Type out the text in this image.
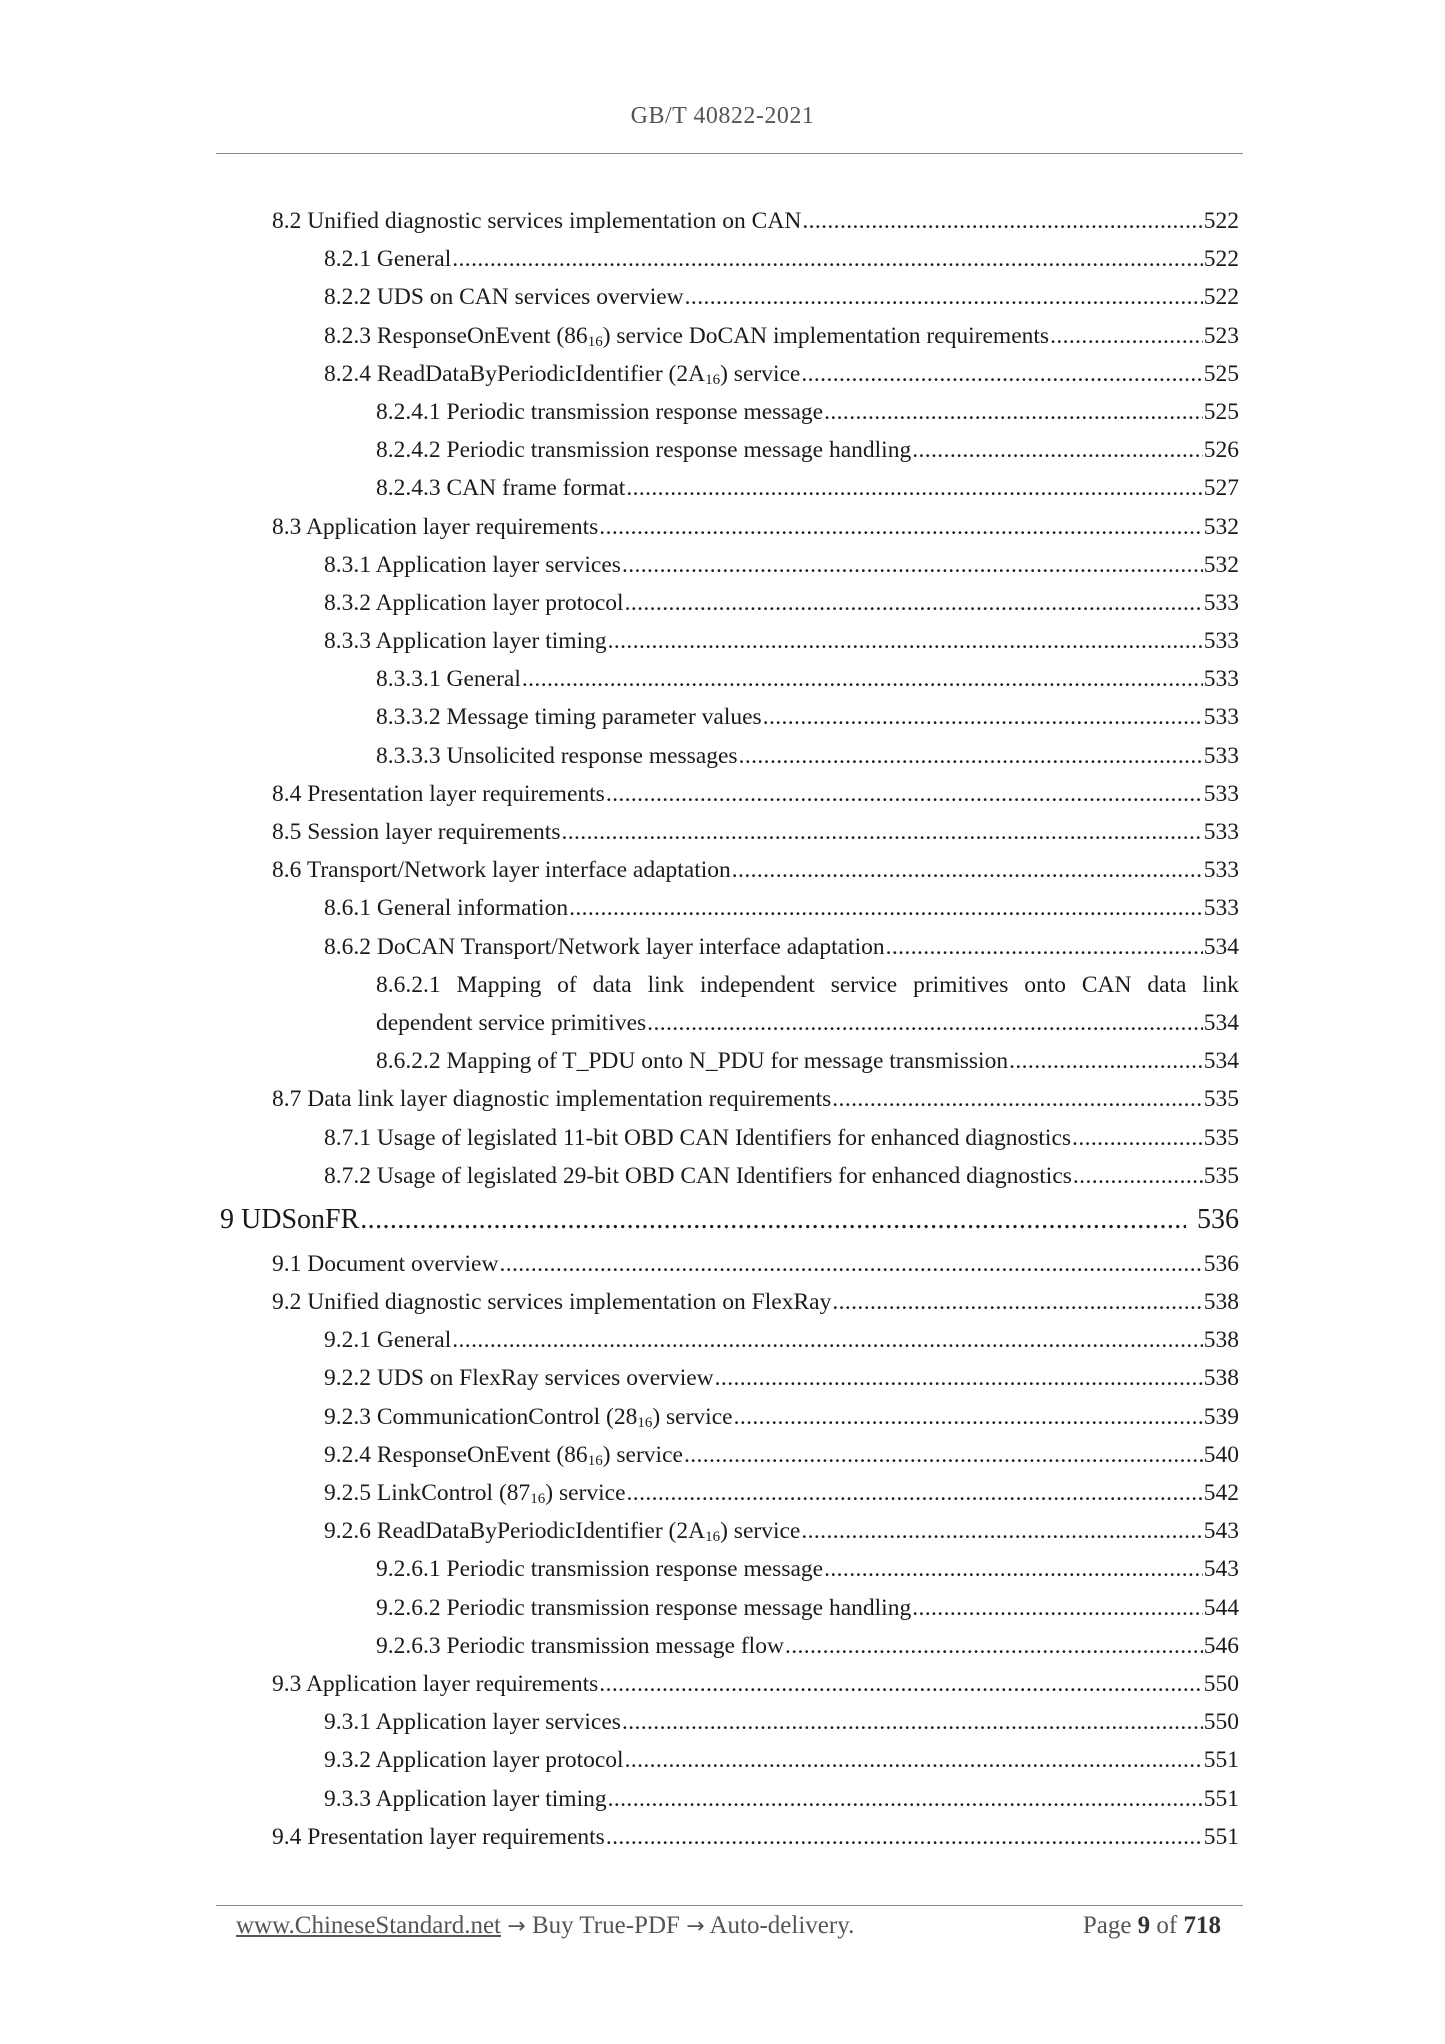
GB/T 40822-2021
8.2 Unified diagnostic services implementation on CAN .....	522
8.2.1 General .....	522
8.2.2 UDS on CAN services overview .....	522
8.2.3 ResponseOnEvent $(86_{16})$ service DoCAN implementation requirements .....	523
8.2.4 ReadDataByPeriodicIdentifier $(2A_{16})$ service .....	525
8.2.4.1 Periodic transmission response message .....	525
8.2.4.2 Periodic transmission response message handling .....	526
8.2.4.3 CAN frame format .....	527
8.3 Application layer requirements .....	532
8.3.1 Application layer services .....	532
8.3.2 Application layer protocol .....	533
8.3.3 Application layer timing .....	533
8.3.3.1 General .....	533
8.3.3.2 Message timing parameter values .....	533
8.3.3.3 Unsolicited response messages .....	533
8.4 Presentation layer requirements .....	533
8.5 Session layer requirements .....	533
8.6 Transport/Network layer interface adaptation .....	533
8.6.1 General information .....	533
8.6.2 DoCAN Transport/Network layer interface adaptation .....	534
8.6.2.1 Mapping of data link independent service primitives onto CAN data link
dependent service primitives .....	534
8.6.2.2 Mapping of T_PDU onto N_PDU for message transmission .....	534
8.7 Data link layer diagnostic implementation requirements .....	535
8.7.1 Usage of legislated 11-bit OBD CAN Identifiers for enhanced diagnostics .....	535
8.7.2 Usage of legislated 29-bit OBD CAN Identifiers for enhanced diagnostics .....	535
9 UDSonFR .....	536
9.1 Document overview .....	536
9.2 Unified diagnostic services implementation on FlexRay .....	538
9.2.1 General .....	538
9.2.2 UDS on FlexRay services overview .....	538
9.2.3 CommunicationControl $(28_{16})$ service .....	539
9.2.4 ResponseOnEvent $(86_{16})$ service .....	540
9.2.5 LinkControl $(87_{16})$ service .....	542
9.2.6 ReadDataByPeriodicIdentifier $(2A_{16})$ service .....	543
9.2.6.1 Periodic transmission response message .....	543
9.2.6.2 Periodic transmission response message handling .....	544
9.2.6.3 Periodic transmission message flow .....	546
9.3 Application layer requirements .....	550
9.3.1 Application layer services .....	550
9.3.2 Application layer protocol .....	551
9.3.3 Application layer timing .....	551
9.4 Presentation layer requirements .....	551
www.ChineseStandard.net → Buy True-PDF → Auto-delivery.	Page 9 of 718
